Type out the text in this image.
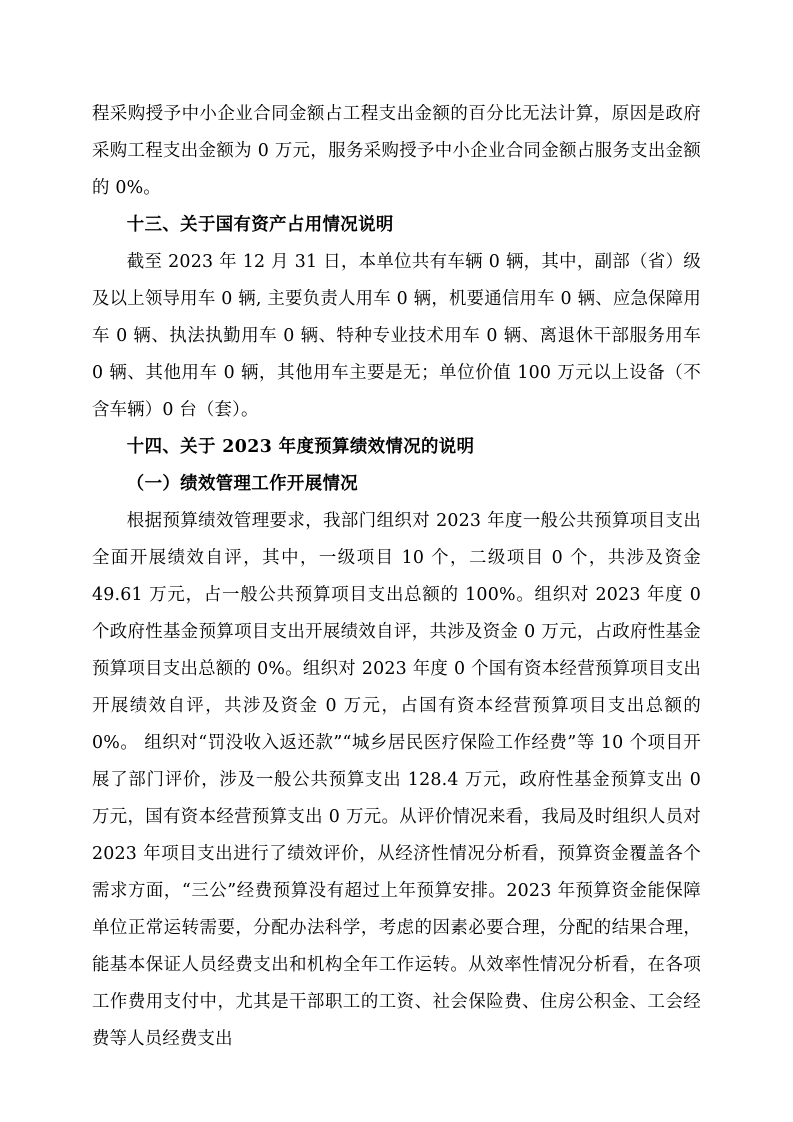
程采购授予中小企业合同金额占工程支出金额的百分比无法计算，原因是政府采购工程支出金额为 0 万元，服务采购授予中小企业合同金额占服务支出金额的 0%。

十三、关于国有资产占用情况说明

截至 2023 年 12 月 31 日，本单位共有车辆 0 辆，其中，副部（省）级及以上领导用车 0 辆, 主要负责人用车 0 辆，机要通信用车 0 辆、应急保障用车 0 辆、执法执勤用车 0 辆、特种专业技术用车 0 辆、离退休干部服务用车 0 辆、其他用车 0 辆，其他用车主要是无；单位价值 100 万元以上设备（不含车辆）0 台（套）。

十四、关于 2023 年度预算绩效情况的说明

（一）绩效管理工作开展情况

根据预算绩效管理要求，我部门组织对 2023 年度一般公共预算项目支出全面开展绩效自评，其中，一级项目 10 个，二级项目 0 个，共涉及资金 49.61 万元，占一般公共预算项目支出总额的 100%。组织对 2023 年度 0 个政府性基金预算项目支出开展绩效自评，共涉及资金 0 万元，占政府性基金预算项目支出总额的 0%。组织对 2023 年度 0 个国有资本经营预算项目支出开展绩效自评，共涉及资金 0 万元，占国有资本经营预算项目支出总额的 0%。 组织对“罚没收入返还款”“城乡居民医疗保险工作经费”等 10 个项目开展了部门评价，涉及一般公共预算支出 128.4 万元，政府性基金预算支出 0 万元，国有资本经营预算支出 0 万元。从评价情况来看，我局及时组织人员对 2023 年项目支出进行了绩效评价，从经济性情况分析看，预算资金覆盖各个需求方面，“三公”经费预算没有超过上年预算安排。2023 年预算资金能保障单位正常运转需要，分配办法科学，考虑的因素必要合理，分配的结果合理，能基本保证人员经费支出和机构全年工作运转。从效率性情况分析看，在各项工作费用支付中，尤其是干部职工的工资、社会保险费、住房公积金、工会经费等人员经费支出
